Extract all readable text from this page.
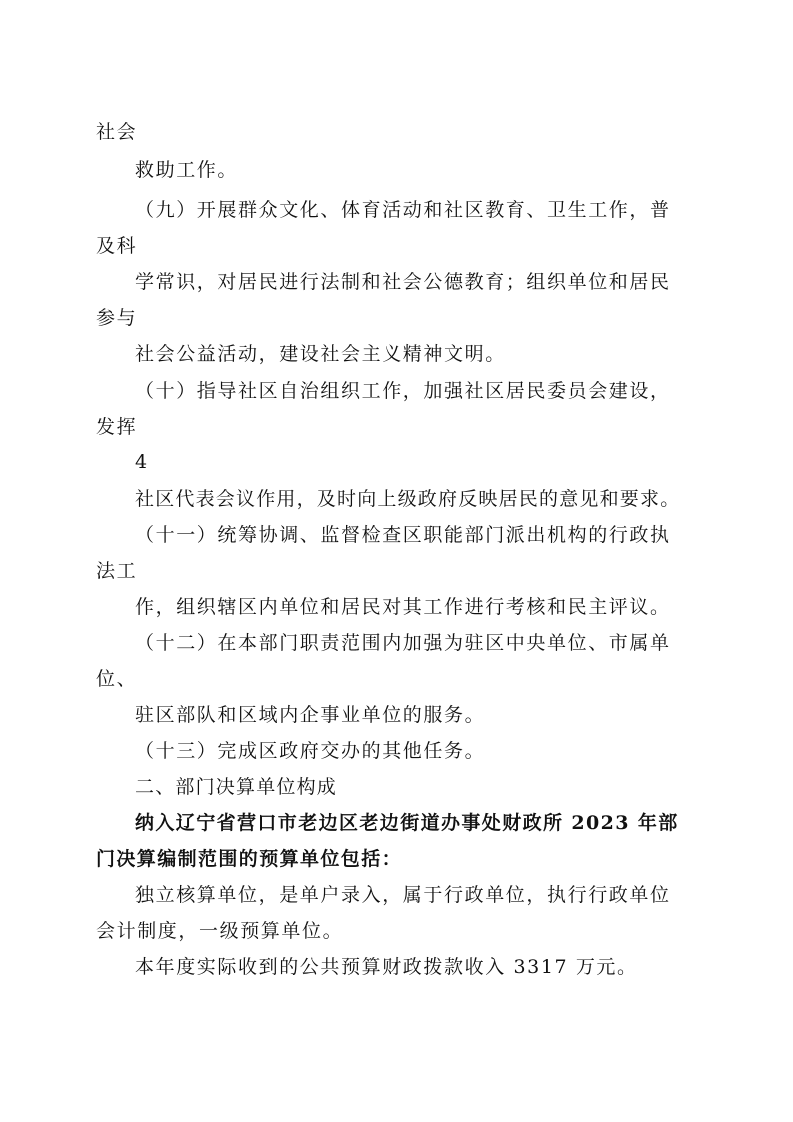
社会
救助工作。
（九）开展群众文化、体育活动和社区教育、卫生工作，普
及科
学常识，对居民进行法制和社会公德教育；组织单位和居民
参与
社会公益活动，建设社会主义精神文明。
（十）指导社区自治组织工作，加强社区居民委员会建设，
发挥
4
社区代表会议作用，及时向上级政府反映居民的意见和要求。
（十一）统筹协调、监督检查区职能部门派出机构的行政执
法工
作，组织辖区内单位和居民对其工作进行考核和民主评议。
（十二）在本部门职责范围内加强为驻区中央单位、市属单
位、
驻区部队和区域内企事业单位的服务。
（十三）完成区政府交办的其他任务。
二、部门决算单位构成
纳入辽宁省营口市老边区老边街道办事处财政所 2023 年部
门决算编制范围的预算单位包括：
独立核算单位，是单户录入，属于行政单位，执行行政单位
会计制度，一级预算单位。
本年度实际收到的公共预算财政拨款收入 3317 万元。
